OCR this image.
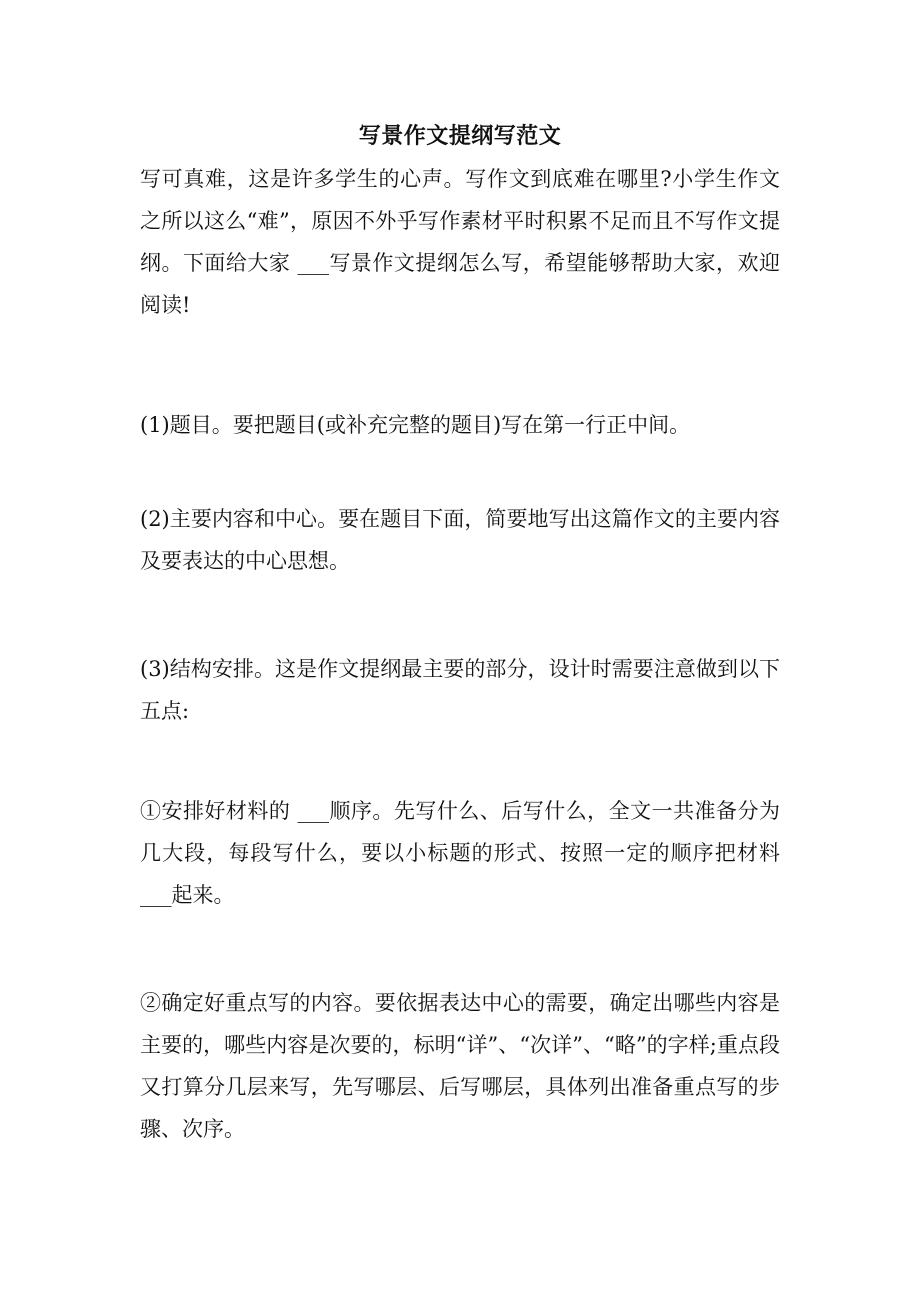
写景作文提纲写范文
写可真难，这是许多学生的心声。写作文到底难在哪里?小学生作文之所以这么“难”，原因不外乎写作素材平时积累不足而且不写作文提纲。下面给大家 ___写景作文提纲怎么写，希望能够帮助大家，欢迎阅读!
(1)题目。要把题目(或补充完整的题目)写在第一行正中间。
(2)主要内容和中心。要在题目下面，简要地写出这篇作文的主要内容及要表达的中心思想。
(3)结构安排。这是作文提纲最主要的部分，设计时需要注意做到以下五点:
①安排好材料的 ___顺序。先写什么、后写什么，全文一共准备分为几大段，每段写什么，要以小标题的形式、按照一定的顺序把材料 ___起来。
②确定好重点写的内容。要依据表达中心的需要，确定出哪些内容是主要的，哪些内容是次要的，标明“详”、“次详”、“略”的字样;重点段又打算分几层来写，先写哪层、后写哪层，具体列出准备重点写的步骤、次序。
